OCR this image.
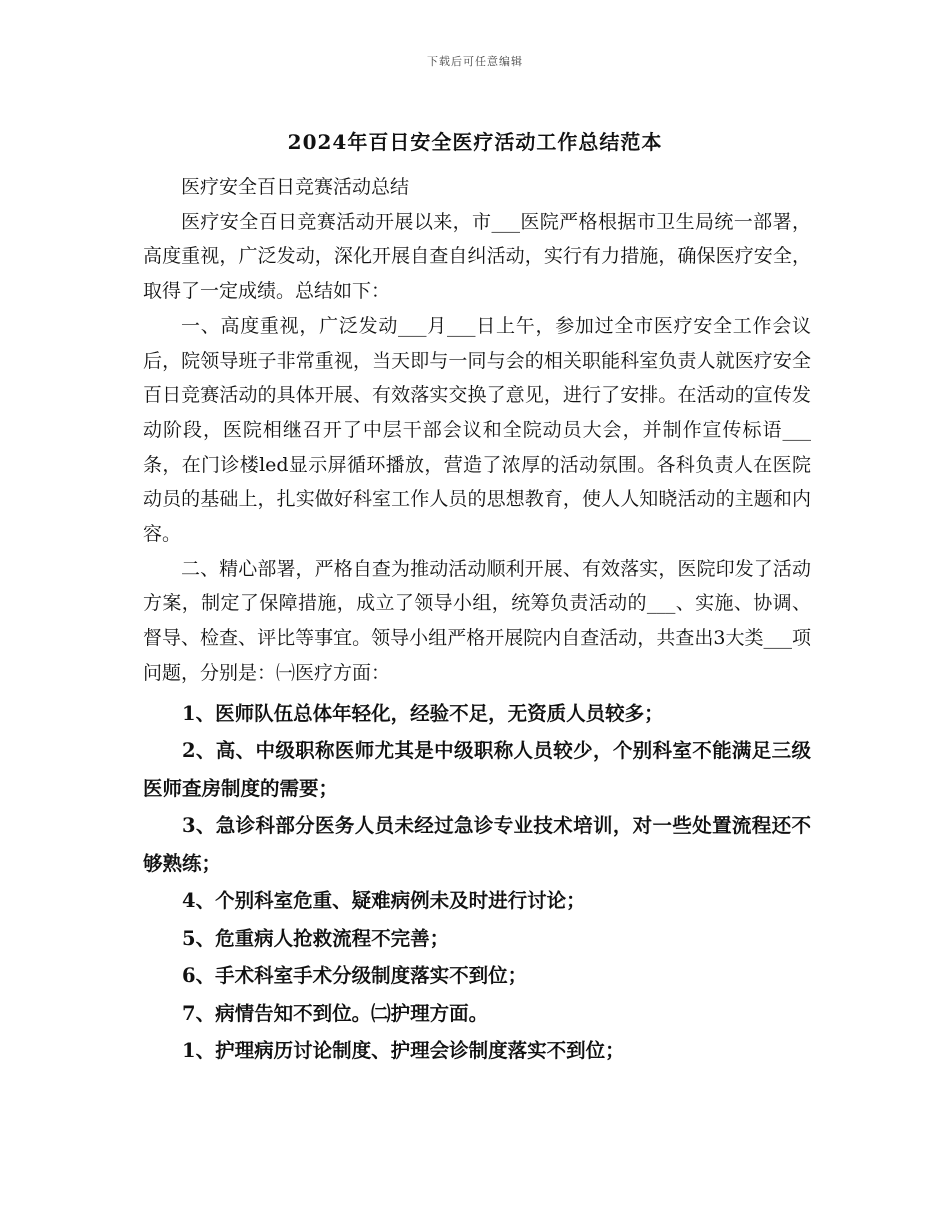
下载后可任意编辑
2024年百日安全医疗活动工作总结范本

医疗安全百日竞赛活动总结

医疗安全百日竞赛活动开展以来，市___医院严格根据市卫生局统一部署，高度重视，广泛发动，深化开展自查自纠活动，实行有力措施，确保医疗安全，取得了一定成绩。总结如下：

一、高度重视，广泛发动___月___日上午，参加过全市医疗安全工作会议后，院领导班子非常重视，当天即与一同与会的相关职能科室负责人就医疗安全百日竞赛活动的具体开展、有效落实交换了意见，进行了安排。在活动的宣传发动阶段，医院相继召开了中层干部会议和全院动员大会，并制作宣传标语___条，在门诊楼led显示屏循环播放，营造了浓厚的活动氛围。各科负责人在医院动员的基础上，扎实做好科室工作人员的思想教育，使人人知晓活动的主题和内容。

二、精心部署，严格自查为推动活动顺利开展、有效落实，医院印发了活动方案，制定了保障措施，成立了领导小组，统筹负责活动的___、实施、协调、督导、检查、评比等事宜。领导小组严格开展院内自查活动，共查出3大类___项问题，分别是：㈠医疗方面：

1、医师队伍总体年轻化，经验不足，无资质人员较多；

2、高、中级职称医师尤其是中级职称人员较少，个别科室不能满足三级医师查房制度的需要；

3、急诊科部分医务人员未经过急诊专业技术培训，对一些处置流程还不够熟练；

4、个别科室危重、疑难病例未及时进行讨论；

5、危重病人抢救流程不完善；

6、手术科室手术分级制度落实不到位；

7、病情告知不到位。㈡护理方面。

1、护理病历讨论制度、护理会诊制度落实不到位；
